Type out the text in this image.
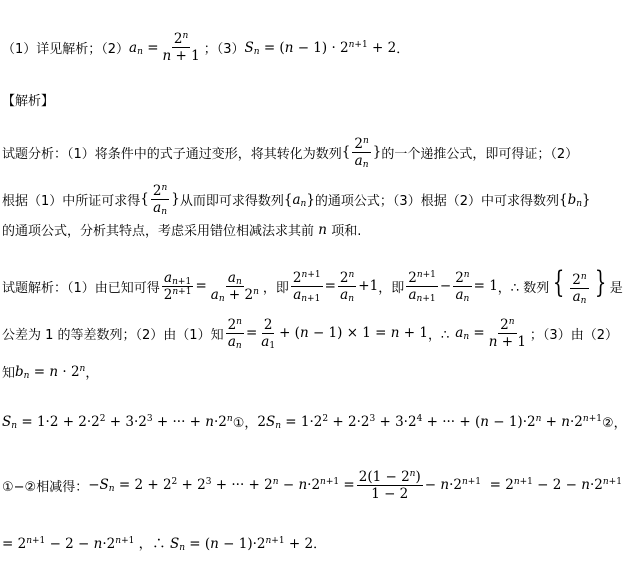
（1）详见解析；（2） $a_n = \frac{2^n}{n + 1}$ ；（3） $S_n = (n - 1) \cdot 2^{n+1} + 2$ ．
【解析】
试题分析：（1）将条件中的式子通过变形，将其转化为数列 { $\frac{2^n}{a_n}$ } 的一个递推公式，即可得证；（2）
根据（1）中所证可求得 { $\frac{2^n}{a_n}$ } 从而即可求得数列 $\{a_n\}$ 的通项公式；（3）根据（2）中可求得数列 $\{b_n\}$
的通项公式，分析其特点，考虑采用错位相减法求其前 n 项和.
试题解析：（1）由已知可得 $\frac{a_{n+1}}{2^{n+1}} = \frac{a_n}{a_n + 2^n}$ ，即 $\frac{2^{n+1}}{a_{n+1}} = \frac{2^n}{a_n} +1$ ，即 $\frac{2^{n+1}}{a_{n+1}} - \frac{2^n}{a_n} = 1$ ，∴ 数列 { $\frac{2^n}{a_n}$ } 是
公差为 1 的等差数列；（2）由（1）知 $\frac{2^n}{a_n} = \frac{2}{a_1} + (n - 1) \times 1 = n + 1$ ，∴ $a_n = \frac{2^n}{n + 1}$ ；（3）由（2）
知 $b_n = n \cdot 2^n$ ，
$S_n = 1\cdot 2 + 2\cdot 2^2 + 3\cdot 2^3$ + ··· + $n\cdot 2^n$ ①， $2S_n = 1\cdot 2^2 + 2\cdot 2^3 + 3\cdot 2^4$ + ··· + $(n - 1)\cdot 2^n + n\cdot 2^{n+1}$ ②，
①−②相减得： $-S_n = 2 + 2^2 + 2^3$ + ··· + $2^n - n\cdot 2^{n+1} = \frac{2(1 - 2^n)}{1 - 2} - n\cdot 2^{n+1} = 2^{n+1} - 2 - n\cdot 2^{n+1}$
= $2^{n+1} - 2 - n\cdot 2^{n+1}$ ，∴ $S_n = (n - 1)\cdot 2^{n+1} + 2$ ．
